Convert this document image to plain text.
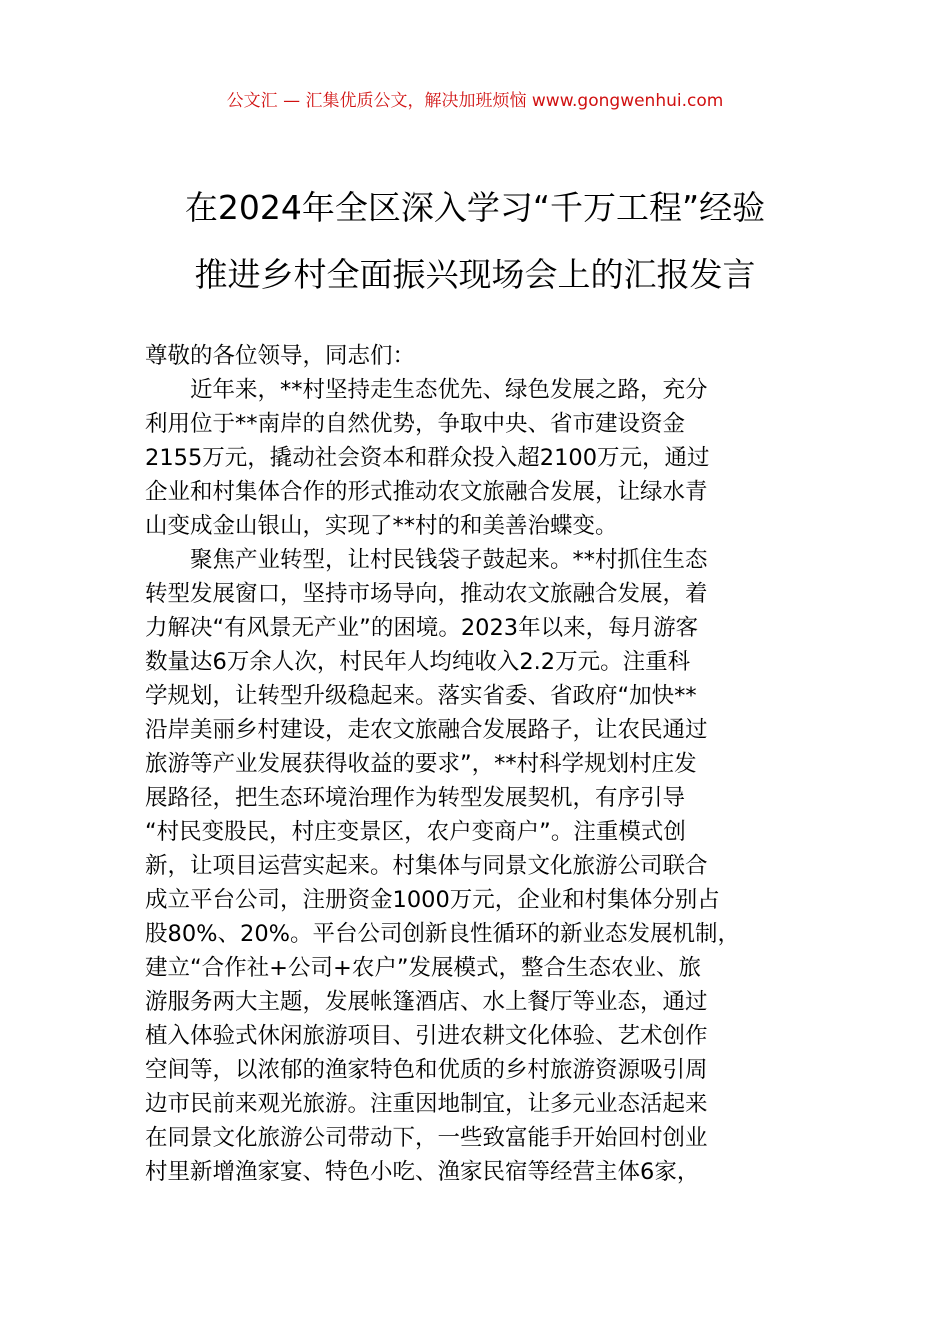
公文汇 — 汇集优质公文，解决加班烦恼 www.gongwenhui.com
在2024年全区深入学习“千万工程”经验
推进乡村全面振兴现场会上的汇报发言
尊敬的各位领导，同志们：
　　近年来，**村坚持走生态优先、绿色发展之路，充分
利用位于**南岸的自然优势，争取中央、省市建设资金
2155万元，撬动社会资本和群众投入超2100万元，通过
企业和村集体合作的形式推动农文旅融合发展，让绿水青
山变成金山银山，实现了**村的和美善治蝶变。
　　聚焦产业转型，让村民钱袋子鼓起来。**村抓住生态
转型发展窗口，坚持市场导向，推动农文旅融合发展，着
力解决“有风景无产业”的困境。2023年以来，每月游客
数量达6万余人次，村民年人均纯收入2.2万元。注重科
学规划，让转型升级稳起来。落实省委、省政府“加快**
沿岸美丽乡村建设，走农文旅融合发展路子，让农民通过
旅游等产业发展获得收益的要求”，**村科学规划村庄发
展路径，把生态环境治理作为转型发展契机，有序引导
“村民变股民，村庄变景区，农户变商户”。注重模式创
新，让项目运营实起来。村集体与同景文化旅游公司联合
成立平台公司，注册资金1000万元，企业和村集体分别占
股80%、20%。平台公司创新良性循环的新业态发展机制，
建立“合作社+公司+农户”发展模式，整合生态农业、旅
游服务两大主题，发展帐篷酒店、水上餐厅等业态，通过
植入体验式休闲旅游项目、引进农耕文化体验、艺术创作
空间等，以浓郁的渔家特色和优质的乡村旅游资源吸引周
边市民前来观光旅游。注重因地制宜，让多元业态活起来
在同景文化旅游公司带动下，一些致富能手开始回村创业
村里新增渔家宴、特色小吃、渔家民宿等经营主体6家，
